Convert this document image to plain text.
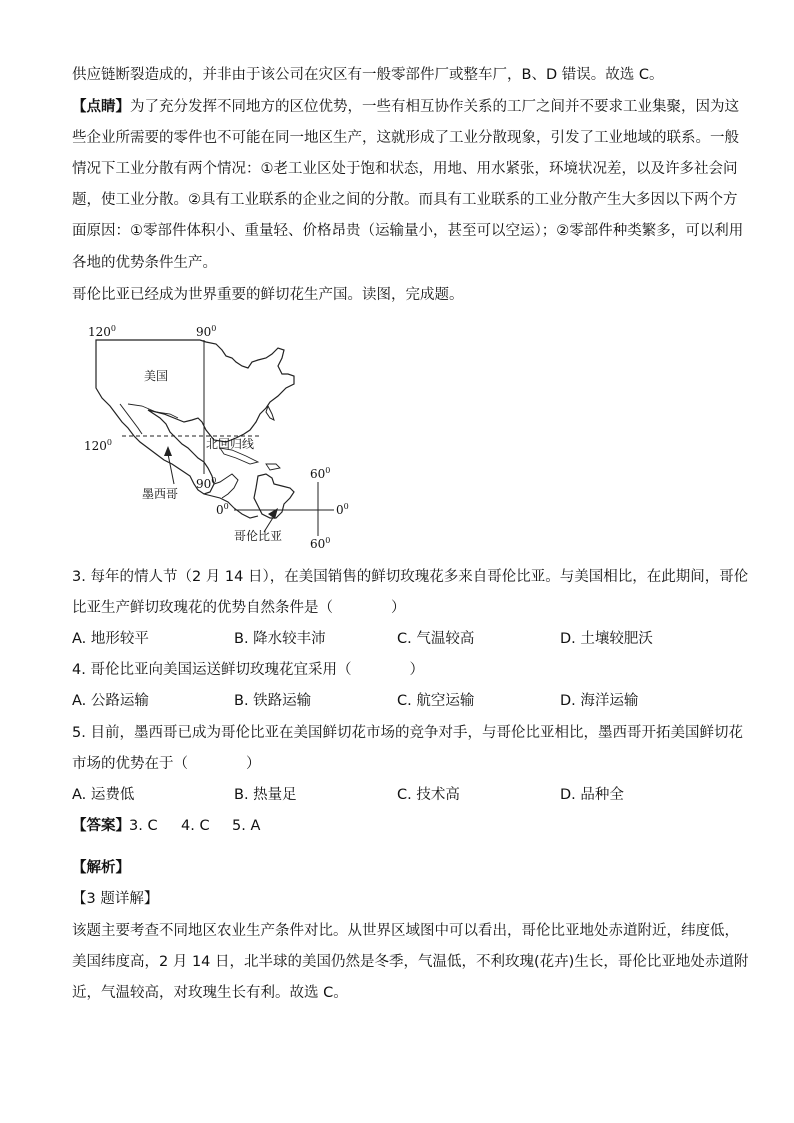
供应链断裂造成的，并非由于该公司在灾区有一般零部件厂或整车厂，B、D 错误。故选 C。
【点睛】为了充分发挥不同地方的区位优势，一些有相互协作关系的工厂之间并不要求工业集聚，因为这
些企业所需要的零件也不可能在同一地区生产，这就形成了工业分散现象，引发了工业地域的联系。一般
情况下工业分散有两个情况：①老工业区处于饱和状态，用地、用水紧张，环境状况差，以及许多社会问
题，使工业分散。②具有工业联系的企业之间的分散。而具有工业联系的工业分散产生大多因以下两个方
面原因：①零部件体积小、重量轻、价格昂贵（运输量小，甚至可以空运）；②零部件种类繁多，可以利用
各地的优势条件生产。
哥伦比亚已经成为世界重要的鲜切花生产国。读图，完成题。
$120^0$	$90^0$
$120^0$
$90^0$	$60^0$
$60^0$
$0^0$	$0^0$
美国
北回归线
墨西哥
哥伦比亚
3. 每年的情人节（2 月 14 日），在美国销售的鲜切玫瑰花多来自哥伦比亚。与美国相比，在此期间，哥伦
比亚生产鲜切玫瑰花的优势自然条件是（　　　　）
A. 地形较平	B. 降水较丰沛	C. 气温较高	D. 土壤较肥沃
4. 哥伦比亚向美国运送鲜切玫瑰花宜采用（　　　　）
A. 公路运输	B. 铁路运输	C. 航空运输	D. 海洋运输
5. 目前，墨西哥已成为哥伦比亚在美国鲜切花市场的竞争对手，与哥伦比亚相比，墨西哥开拓美国鲜切花
市场的优势在于（　　　　）
A. 运费低	B. 热量足	C. 技术高	D. 品种全
【答案】 3. C 4. C 5. A
【解析】
【3 题详解】
该题主要考查不同地区农业生产条件对比。从世界区域图中可以看出，哥伦比亚地处赤道附近，纬度低，
美国纬度高，2 月 14 日，北半球的美国仍然是冬季，气温低，不利玫瑰(花卉)生长，哥伦比亚地处赤道附
近，气温较高，对玫瑰生长有利。故选 C。
